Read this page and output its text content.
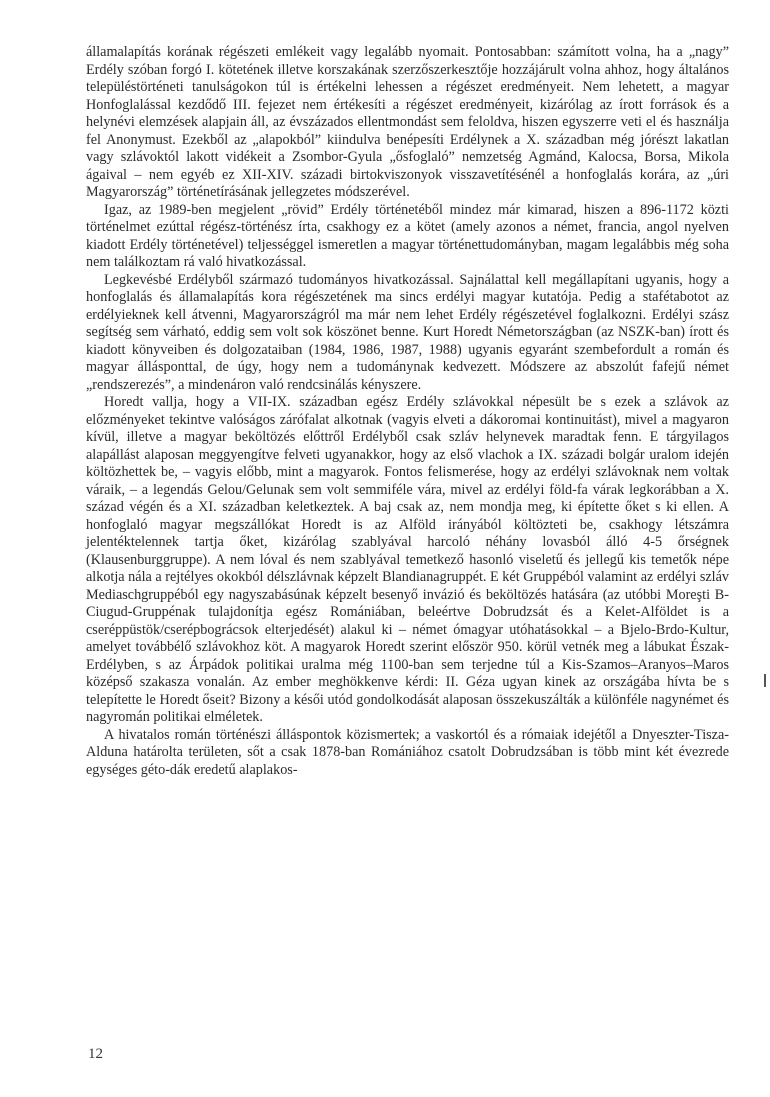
államalapítás korának régészeti emlékeit vagy legalább nyomait. Pontosabban: számított volna, ha a „nagy” Erdély szóban forgó I. kötetének illetve korszakának szerzőszerkesztője hozzájárult volna ahhoz, hogy általános településtörténeti tanulságokon túl is értékelni lehessen a régészet eredményeit. Nem lehetett, a magyar Honfoglalással kezdődő III. fejezet nem értékesíti a régészet eredményeit, kizárólag az írott források és a helynévi elemzések alapjain áll, az évszázados ellentmondást sem feloldva, hiszen egyszerre veti el és használja fel Anonymust. Ezekből az „alapokból” kiindulva benépesíti Erdélynek a X. században még jórészt lakatlan vagy szlávoktól lakott vidékeit a Zsombor-Gyula „ősfoglaló” nemzetség Agmánd, Kalocsa, Borsa, Mikola ágaival – nem egyéb ez XII-XIV. századi birtokviszonyok visszavetítésénél a honfoglalás korára, az „úri Magyarország” történetírásának jellegzetes módszerével.

Igaz, az 1989-ben megjelent „rövid” Erdély történetéből mindez már kimarad, hiszen a 896-1172 közti történelmet ezúttal régész-történész írta, csakhogy ez a kötet (amely azonos a német, francia, angol nyelven kiadott Erdély történetével) teljességgel ismeretlen a magyar történettudományban, magam legalábbis még soha nem találkoztam rá való hivatkozással.

Legkevésbé Erdélyből származó tudományos hivatkozással. Sajnálattal kell megállapítani ugyanis, hogy a honfoglalás és államalapítás kora régészetének ma sincs erdélyi magyar kutatója. Pedig a stafétabotot az erdélyieknek kell átvenni, Magyarországról ma már nem lehet Erdély régészetével foglalkozni. Erdélyi szász segítség sem várható, eddig sem volt sok köszönet benne. Kurt Horedt Németországban (az NSZK-ban) írott és kiadott könyveiben és dolgozataiban (1984, 1986, 1987, 1988) ugyanis egyaránt szembefordult a román és magyar állásponttal, de úgy, hogy nem a tudománynak kedvezett. Módszere az abszolút fafejű német „rendszerezés”, a mindenáron való rendcsinálás kényszere.

Horedt vallja, hogy a VII-IX. században egész Erdély szlávokkal népesült be s ezek a szlávok az előzményeket tekintve valóságos zárófalat alkotnak (vagyis elveti a dákoromai kontinuitást), mivel a magyaron kívül, illetve a magyar beköltözés előttről Erdélyből csak szláv helynevek maradtak fenn. E tárgyilagos alapállást alaposan meggyengítve felveti ugyanakkor, hogy az első vlachok a IX. századi bolgár uralom idején költözhettek be, – vagyis előbb, mint a magyarok. Fontos felismerése, hogy az erdélyi szlávoknak nem voltak váraik, – a legendás Gelou/Gelunak sem volt semmiféle vára, mivel az erdélyi föld-fa várak legkorábban a X. század végén és a XI. században keletkeztek. A baj csak az, nem mondja meg, ki építette őket s ki ellen. A honfoglaló magyar megszállókat Horedt is az Alföld irányából költözteti be, csakhogy létszámra jelentéktelennek tartja őket, kizárólag szablyával harcoló néhány lovasból álló 4-5 őrségnek (Klausenburggruppe). A nem lóval és nem szablyával temetkező hasonló viseletű és jellegű kis temetők népe alkotja nála a rejtélyes okokból délszlávnak képzelt Blandianagruppét. E két Gruppéból valamint az erdélyi szláv Mediaschgruppéból egy nagyszabásúnak képzelt besenyő invázió és beköltözés hatására (az utóbbi Moreşti B-Ciugud-Gruppénak tulajdonítja egész Romániában, beleértve Dobrudzsát és a Kelet-Alföldet is a cseréppüstök/cserépbográcsok elterjedését) alakul ki – német ómagyar utóhatásokkal – a Bjelo-Brdo-Kultur, amelyet továbbélő szlávokhoz köt. A magyarok Horedt szerint először 950. körül vetnék meg a lábukat Észak-Erdélyben, s az Árpádok politikai uralma még 1100-ban sem terjedne túl a Kis-Szamos–Aranyos–Maros középső szakasza vonalán. Az ember meghökkenve kérdi: II. Géza ugyan kinek az országába hívta be s telepítette le Horedt őseit? Bizony a késői utód gondolkodását alaposan összekuszálták a különféle nagynémet és nagyromán politikai elméletek.

A hivatalos román történészi álláspontok közismertek; a vaskortól és a rómaiak idejétől a Dnyeszter-Tisza-Aldunа határolta területen, sőt a csak 1878-ban Romániához csatolt Dobrudzsában is több mint két évezrede egységes géto-dák eredetű alaplakos-

12
